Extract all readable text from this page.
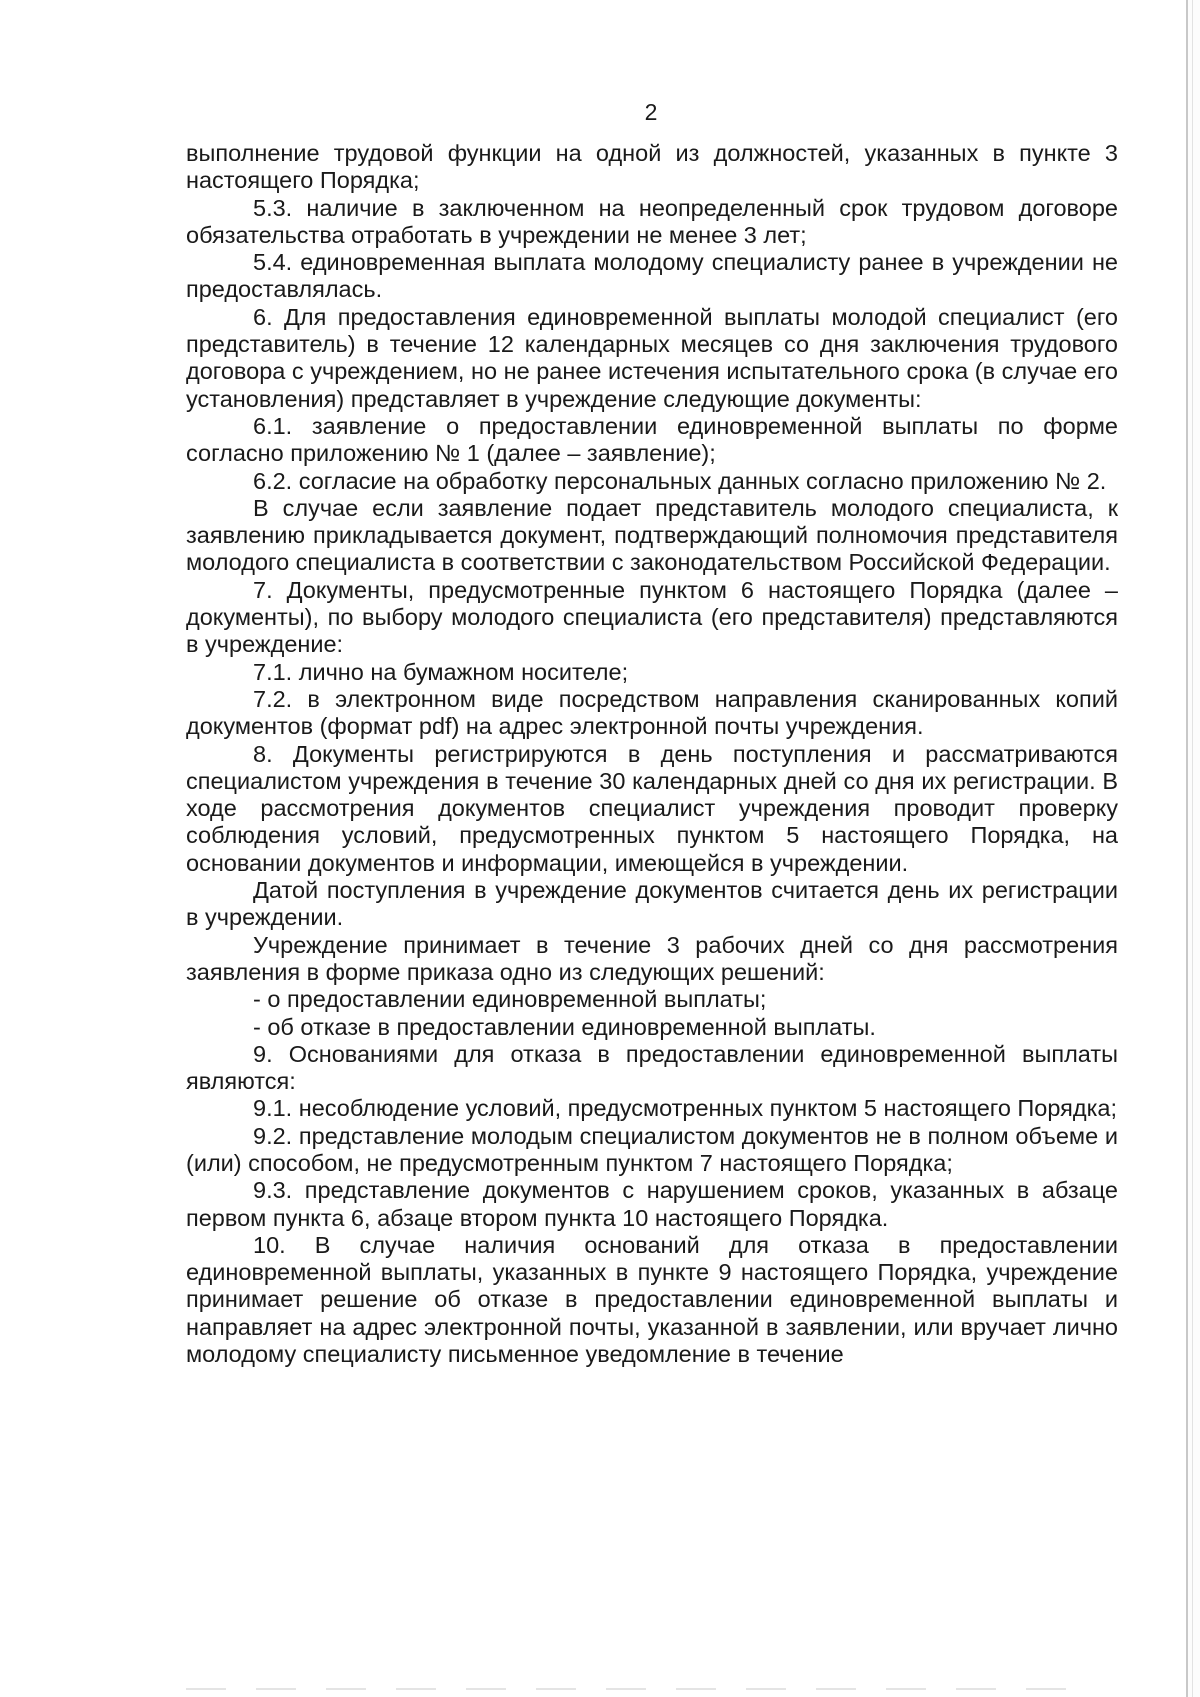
2

выполнение трудовой функции на одной из должностей, указанных в пункте 3 настоящего Порядка;

5.3. наличие в заключенном на неопределенный срок трудовом договоре обязательства отработать в учреждении не менее 3 лет;

5.4. единовременная выплата молодому специалисту ранее в учреждении не предоставлялась.

6. Для предоставления единовременной выплаты молодой специалист (его представитель) в течение 12 календарных месяцев со дня заключения трудового договора с учреждением, но не ранее истечения испытательного срока (в случае его установления) представляет в учреждение следующие документы:

6.1. заявление о предоставлении единовременной выплаты по форме согласно приложению № 1 (далее – заявление);

6.2. согласие на обработку персональных данных согласно приложению № 2.

В случае если заявление подает представитель молодого специалиста, к заявлению прикладывается документ, подтверждающий полномочия представителя молодого специалиста в соответствии с законодательством Российской Федерации.

7. Документы, предусмотренные пунктом 6 настоящего Порядка (далее – документы), по выбору молодого специалиста (его представителя) представляются в учреждение:

7.1. лично на бумажном носителе;

7.2. в электронном виде посредством направления сканированных копий документов (формат pdf) на адрес электронной почты учреждения.

8. Документы регистрируются в день поступления и рассматриваются специалистом учреждения в течение 30 календарных дней со дня их регистрации. В ходе рассмотрения документов специалист учреждения проводит проверку соблюдения условий, предусмотренных пунктом 5 настоящего Порядка, на основании документов и информации, имеющейся в учреждении.

Датой поступления в учреждение документов считается день их регистрации в учреждении.

Учреждение принимает в течение 3 рабочих дней со дня рассмотрения заявления в форме приказа одно из следующих решений:

- о предоставлении единовременной выплаты;

- об отказе в предоставлении единовременной выплаты.

9. Основаниями для отказа в предоставлении единовременной выплаты являются:

9.1. несоблюдение условий, предусмотренных пунктом 5 настоящего Порядка;

9.2. представление молодым специалистом документов не в полном объеме и (или) способом, не предусмотренным пунктом 7 настоящего Порядка;

9.3. представление документов с нарушением сроков, указанных в абзаце первом пункта 6, абзаце втором пункта 10 настоящего Порядка.

10. В случае наличия оснований для отказа в предоставлении единовременной выплаты, указанных в пункте 9 настоящего Порядка, учреждение принимает решение об отказе в предоставлении единовременной выплаты и направляет на адрес электронной почты, указанной в заявлении, или вручает лично молодому специалисту письменное уведомление в течение
